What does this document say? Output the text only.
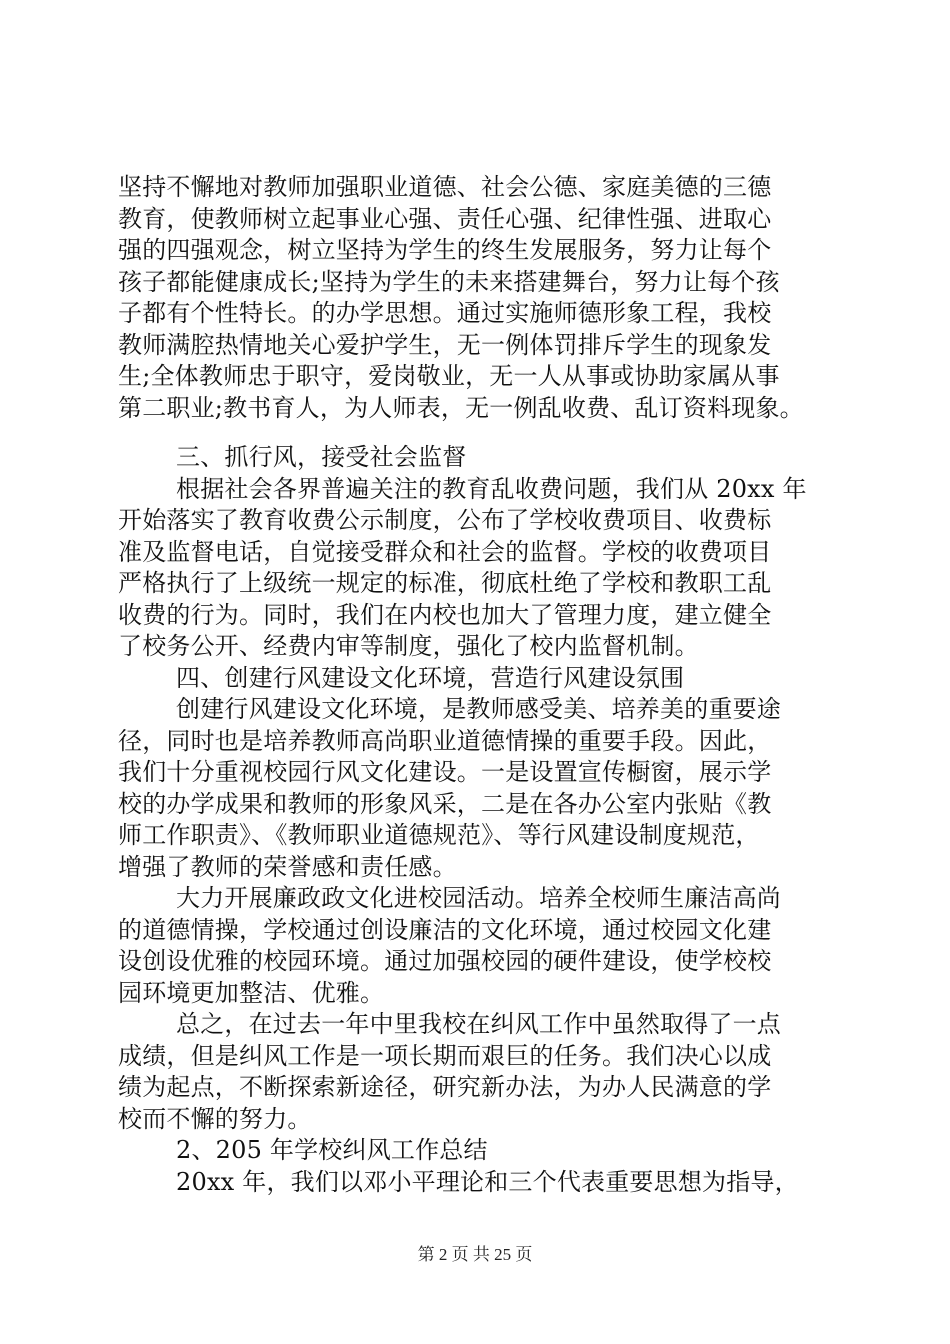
坚持不懈地对教师加强职业道德、社会公德、家庭美德的三德
教育，使教师树立起事业心强、责任心强、纪律性强、进取心
强的四强观念，树立坚持为学生的终生发展服务，努力让每个
孩子都能健康成长;坚持为学生的未来搭建舞台，努力让每个孩
子都有个性特长。的办学思想。通过实施师德形象工程，我校
教师满腔热情地关心爱护学生，无一例体罚排斥学生的现象发
生;全体教师忠于职守，爱岗敬业，无一人从事或协助家属从事
第二职业;教书育人，为人师表，无一例乱收费、乱订资料现象。
三、抓行风，接受社会监督
根据社会各界普遍关注的教育乱收费问题，我们从 20xx 年
开始落实了教育收费公示制度，公布了学校收费项目、收费标
准及监督电话，自觉接受群众和社会的监督。学校的收费项目
严格执行了上级统一规定的标准，彻底杜绝了学校和教职工乱
收费的行为。同时，我们在内校也加大了管理力度，建立健全
了校务公开、经费内审等制度，强化了校内监督机制。
四、创建行风建设文化环境，营造行风建设氛围
创建行风建设文化环境，是教师感受美、培养美的重要途
径，同时也是培养教师高尚职业道德情操的重要手段。因此，
我们十分重视校园行风文化建设。一是设置宣传橱窗，展示学
校的办学成果和教师的形象风采，二是在各办公室内张贴《教
师工作职责》、《教师职业道德规范》、等行风建设制度规范，
增强了教师的荣誉感和责任感。
大力开展廉政政文化进校园活动。培养全校师生廉洁高尚
的道德情操，学校通过创设廉洁的文化环境，通过校园文化建
设创设优雅的校园环境。通过加强校园的硬件建设，使学校校
园环境更加整洁、优雅。
总之，在过去一年中里我校在纠风工作中虽然取得了一点
成绩，但是纠风工作是一项长期而艰巨的任务。我们决心以成
绩为起点，不断探索新途径，研究新办法，为办人民满意的学
校而不懈的努力。
2、205 年学校纠风工作总结
20xx 年，我们以邓小平理论和三个代表重要思想为指导，
第 2 页 共 25 页
